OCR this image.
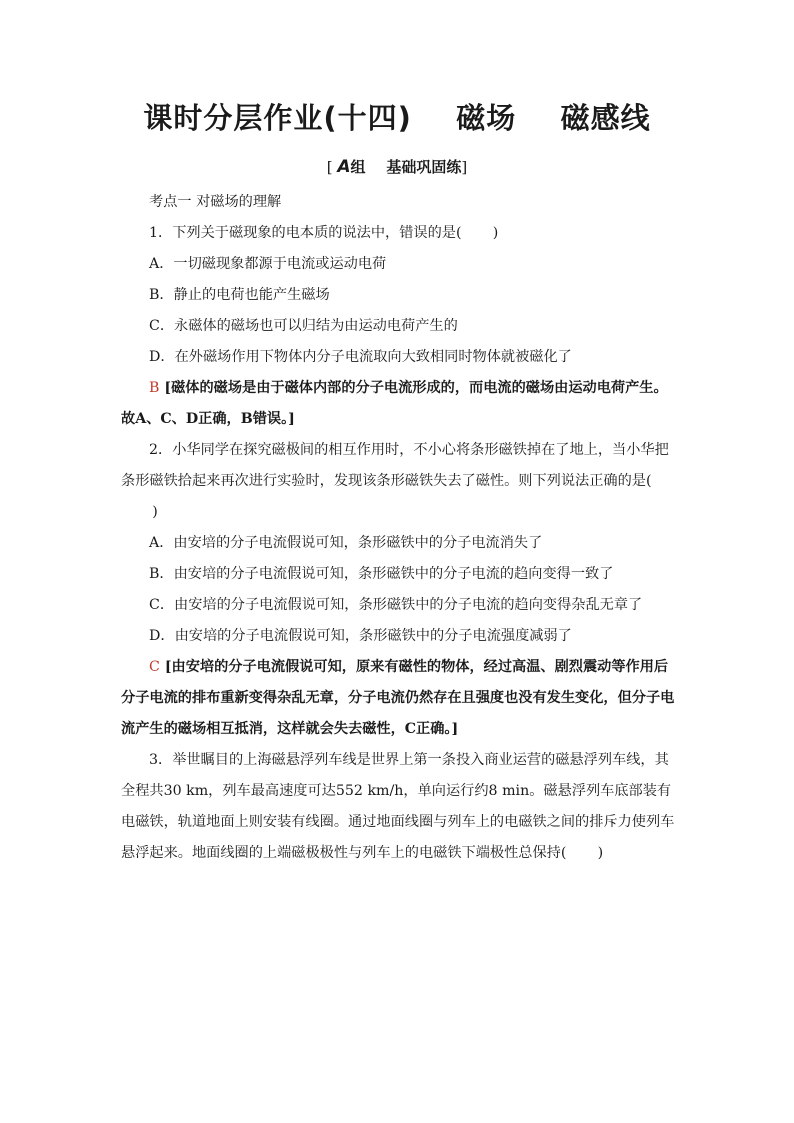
课时分层作业(十四)    磁场    磁感线
[ A组    基础巩固练]

考点一 对磁场的理解

1．下列关于磁现象的电本质的说法中，错误的是( )

A．一切磁现象都源于电流或运动电荷

B．静止的电荷也能产生磁场

C．永磁体的磁场也可以归结为由运动电荷产生的

D．在外磁场作用下物体内分子电流取向大致相同时物体就被磁化了

B [磁体的磁场是由于磁体内部的分子电流形成的，而电流的磁场由运动电荷产生。故A、C、D正确，B错误。]

2．小华同学在探究磁极间的相互作用时，不小心将条形磁铁掉在了地上，当小华把条形磁铁拾起来再次进行实验时，发现该条形磁铁失去了磁性。则下列说法正确的是()

A．由安培的分子电流假说可知，条形磁铁中的分子电流消失了

B．由安培的分子电流假说可知，条形磁铁中的分子电流的趋向变得一致了

C．由安培的分子电流假说可知，条形磁铁中的分子电流的趋向变得杂乱无章了

D．由安培的分子电流假说可知，条形磁铁中的分子电流强度减弱了

C [由安培的分子电流假说可知，原来有磁性的物体，经过高温、剧烈震动等作用后分子电流的排布重新变得杂乱无章，分子电流仍然存在且强度也没有发生变化，但分子电流产生的磁场相互抵消，这样就会失去磁性，C正确。]

3．举世瞩目的上海磁悬浮列车线是世界上第一条投入商业运营的磁悬浮列车线，其全程共30 km，列车最高速度可达552 km/h，单向运行约8 min。磁悬浮列车底部装有电磁铁，轨道地面上则安装有线圈。通过地面线圈与列车上的电磁铁之间的排斥力使列车悬浮起来。地面线圈的上端磁极极性与列车上的电磁铁下端极性总保持( )
